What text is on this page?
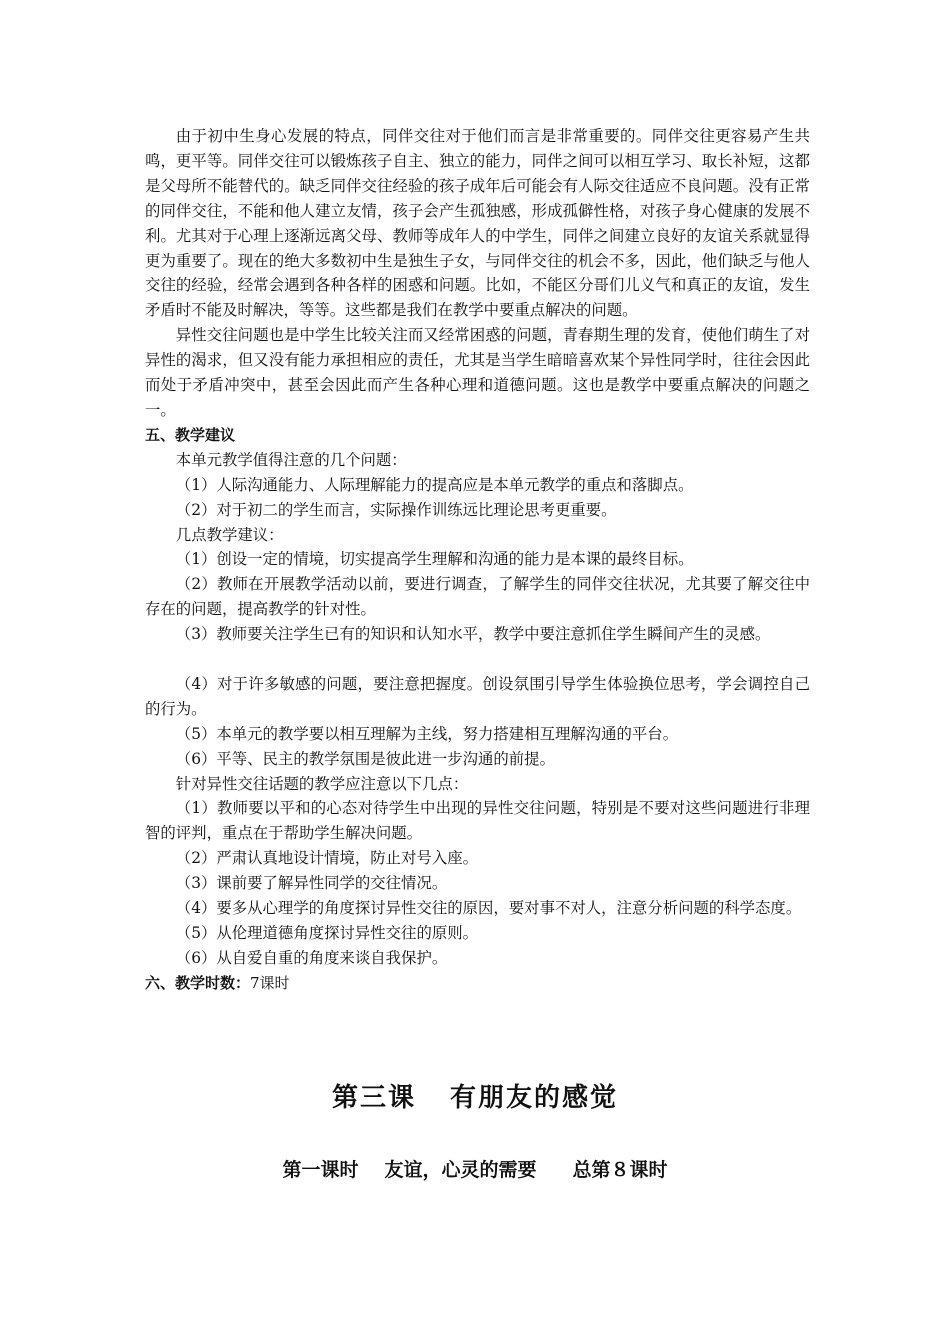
由于初中生身心发展的特点，同伴交往对于他们而言是非常重要的。同伴交往更容易产生共鸣，更平等。同伴交往可以锻炼孩子自主、独立的能力，同伴之间可以相互学习、取长补短，这都是父母所不能替代的。缺乏同伴交往经验的孩子成年后可能会有人际交往适应不良问题。没有正常的同伴交往，不能和他人建立友情，孩子会产生孤独感，形成孤僻性格，对孩子身心健康的发展不利。尤其对于心理上逐渐远离父母、教师等成年人的中学生，同伴之间建立良好的友谊关系就显得更为重要了。现在的绝大多数初中生是独生子女，与同伴交往的机会不多，因此，他们缺乏与他人交往的经验，经常会遇到各种各样的困惑和问题。比如，不能区分哥们儿义气和真正的友谊，发生矛盾时不能及时解决，等等。这些都是我们在教学中要重点解决的问题。

异性交往问题也是中学生比较关注而又经常困惑的问题，青春期生理的发育，使他们萌生了对异性的渴求，但又没有能力承担相应的责任，尤其是当学生暗暗喜欢某个异性同学时，往往会因此而处于矛盾冲突中，甚至会因此而产生各种心理和道德问题。这也是教学中要重点解决的问题之一。

五、教学建议

本单元教学值得注意的几个问题：

（1）人际沟通能力、人际理解能力的提高应是本单元教学的重点和落脚点。

（2）对于初二的学生而言，实际操作训练远比理论思考更重要。

几点教学建议：

（1）创设一定的情境，切实提高学生理解和沟通的能力是本课的最终目标。

（2）教师在开展教学活动以前，要进行调查，了解学生的同伴交往状况，尤其要了解交往中存在的问题，提高教学的针对性。

（3）教师要关注学生已有的知识和认知水平，教学中要注意抓住学生瞬间产生的灵感。

（4）对于许多敏感的问题，要注意把握度。创设氛围引导学生体验换位思考，学会调控自己的行为。

（5）本单元的教学要以相互理解为主线，努力搭建相互理解沟通的平台。

（6）平等、民主的教学氛围是彼此进一步沟通的前提。

针对异性交往话题的教学应注意以下几点：

（1）教师要以平和的心态对待学生中出现的异性交往问题，特别是不要对这些问题进行非理智的评判，重点在于帮助学生解决问题。

（2）严肃认真地设计情境，防止对号入座。

（3）课前要了解异性同学的交往情况。

（4）要多从心理学的角度探讨异性交往的原因，要对事不对人，注意分析问题的科学态度。

（5）从伦理道德角度探讨异性交往的原则。

（6）从自爱自重的角度来谈自我保护。

六、教学时数：7课时

第三课 有朋友的感觉
第一课时 友谊，心灵的需要 总第８课时
